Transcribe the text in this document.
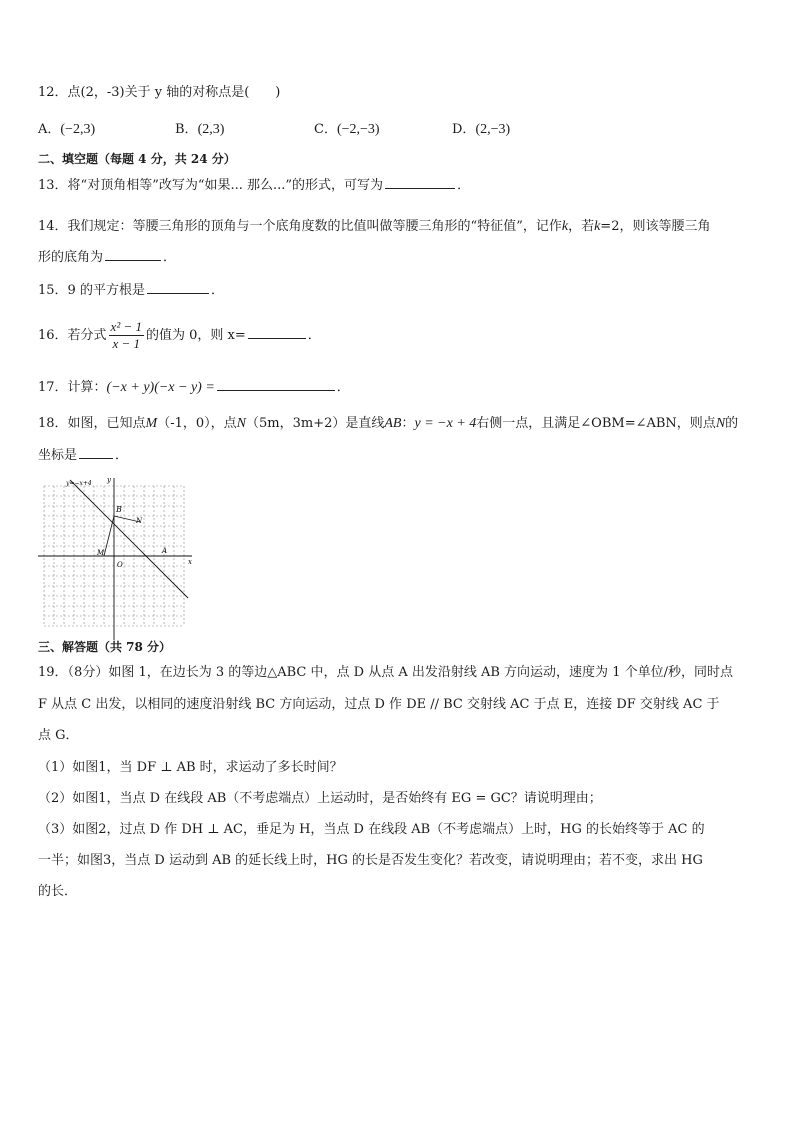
12．点(2，-3)关于 y 轴的对称点是(　　)
A．(−2,3)	B．(2,3)	C．(−2,−3)	D．(2,−3)
二、填空题（每题 4 分，共 24 分）
13．将“对顶角相等”改写为“如果... 那么...”的形式，可写为	．
14．我们规定：等腰三角形的顶角与一个底角度数的比值叫做等腰三角形的“特征值”，记作k，若k=2，则该等腰三角
形的底角为	．
15．9 的平方根是	．
16．若分式 $\frac{\text{x² − 1}}{x - 1}$ 的值为 0，则 x=	．
17．计算：(−x + y)(−x − y) =	．
18．如图，已知点M（-1，0），点N（5m，3m+2）是直线AB：y = −x + 4右侧一点，且满足∠OBM=∠ABN，则点N的
坐标是	．
y=−x+4 y
x
B
N
M
O
A
三、解答题（共 78 分）
19．（8分）如图 1，在边长为 3 的等边△ABC 中，点 D 从点 A 出发沿射线 AB 方向运动，速度为 1 个单位/秒，同时点
F 从点 C 出发，以相同的速度沿射线 BC 方向运动，过点 D 作 DE // BC 交射线 AC 于点 E，连接 DF 交射线 AC 于
点 G．
（1）如图1，当 DF ⊥ AB 时，求运动了多长时间？
（2）如图1，当点 D 在线段 AB（不考虑端点）上运动时，是否始终有 EG = GC？请说明理由；
（3）如图2，过点 D 作 DH ⊥ AC，垂足为 H，当点 D 在线段 AB（不考虑端点）上时，HG 的长始终等于 AC 的
一半；如图3，当点 D 运动到 AB 的延长线上时，HG 的长是否发生变化？若改变，请说明理由；若不变，求出 HG
的长．
